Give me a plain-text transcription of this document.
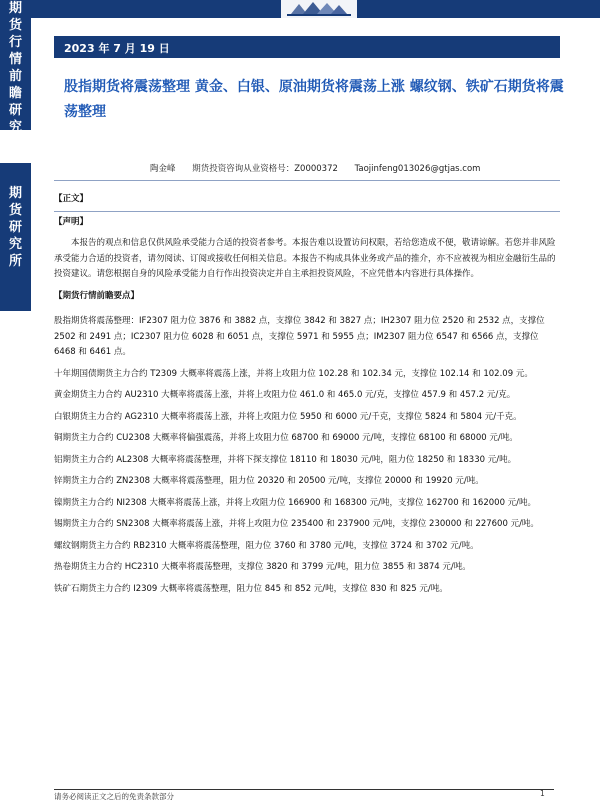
期
货
行
情
前
瞻
研
究
期
货
研
究
所
2023 年 7 月 19 日
股指期货将震荡整理 黄金、白银、原油期货将震荡上涨 螺纹钢、铁矿石期货将震荡整理
陶金峰 期货投资咨询从业资格号：Z0000372 Taojinfeng013026@gtjas.com

【正文】

【声明】

本报告的观点和信息仅供风险承受能力合适的投资者参考。本报告难以设置访问权限，若给您造成不便，敬请谅解。若您并非风险承受能力合适的投资者，请勿阅读、订阅或接收任何相关信息。本报告不构成具体业务或产品的推介，亦不应被视为相应金融衍生品的投资建议。请您根据自身的风险承受能力自行作出投资决定并自主承担投资风险，不应凭借本内容进行具体操作。

【期货行情前瞻要点】

股指期货将震荡整理：IF2307 阻力位 3876 和 3882 点，支撑位 3842 和 3827 点；IH2307 阻力位 2520 和 2532 点，支撑位 2502 和 2491 点；IC2307 阻力位 6028 和 6051 点，支撑位 5971 和 5955 点；IM2307 阻力位 6547 和 6566 点，支撑位 6468 和 6461 点。

十年期国债期货主力合约 T2309 大概率将震荡上涨，并将上攻阻力位 102.28 和 102.34 元，支撑位 102.14 和 102.09 元。

黄金期货主力合约 AU2310 大概率将震荡上涨，并将上攻阻力位 461.0 和 465.0 元/克，支撑位 457.9 和 457.2 元/克。

白银期货主力合约 AG2310 大概率将震荡上涨，并将上攻阻力位 5950 和 6000 元/千克，支撑位 5824 和 5804 元/千克。

铜期货主力合约 CU2308 大概率将偏强震荡，并将上攻阻力位 68700 和 69000 元/吨，支撑位 68100 和 68000 元/吨。

铝期货主力合约 AL2308 大概率将震荡整理，并将下探支撑位 18110 和 18030 元/吨，阻力位 18250 和 18330 元/吨。

锌期货主力合约 ZN2308 大概率将震荡整理，阻力位 20320 和 20500 元/吨，支撑位 20000 和 19920 元/吨。

镍期货主力合约 NI2308 大概率将震荡上涨，并将上攻阻力位 166900 和 168300 元/吨，支撑位 162700 和 162000 元/吨。

锡期货主力合约 SN2308 大概率将震荡上涨，并将上攻阻力位 235400 和 237900 元/吨，支撑位 230000 和 227600 元/吨。

螺纹钢期货主力合约 RB2310 大概率将震荡整理，阻力位 3760 和 3780 元/吨，支撑位 3724 和 3702 元/吨。

热卷期货主力合约 HC2310 大概率将震荡整理，支撑位 3820 和 3799 元/吨，阻力位 3855 和 3874 元/吨。

铁矿石期货主力合约 I2309 大概率将震荡整理，阻力位 845 和 852 元/吨，支撑位 830 和 825 元/吨。

请务必阅读正文之后的免责条款部分	1
